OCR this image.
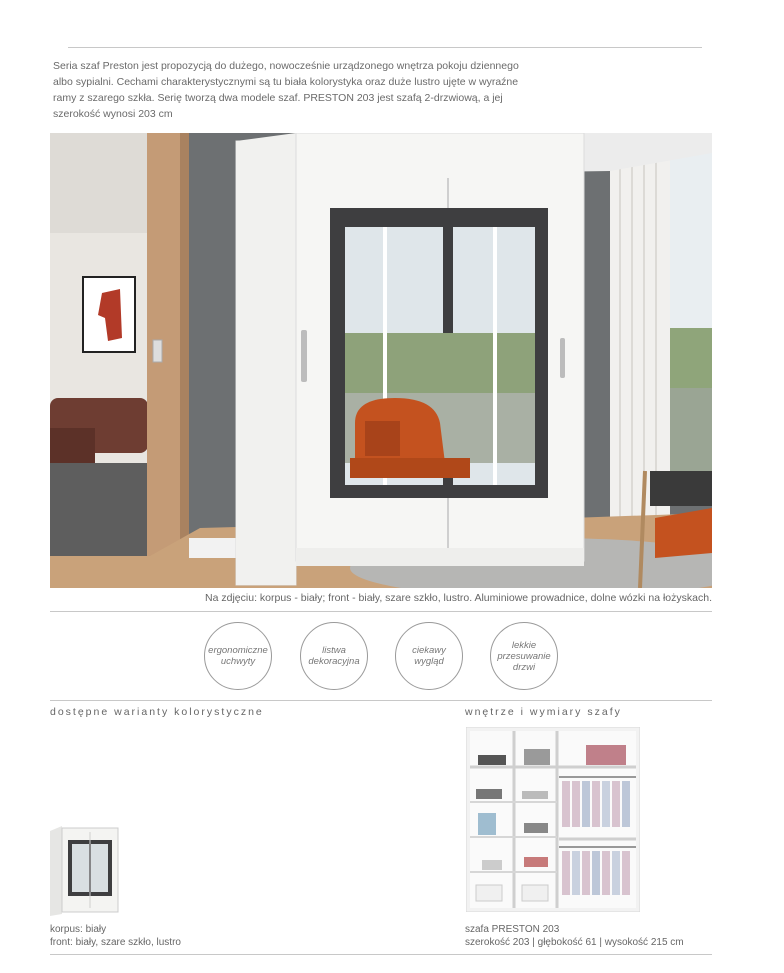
Seria szaf Preston jest propozycją do dużego, nowocześnie urządzonego wnętrza pokoju dziennego
albo sypialni. Cechami charakterystycznymi są tu biała kolorystyka oraz duże lustro ujęte w wyraźne
ramy z szarego szkła. Serię tworzą dwa modele szaf. PRESTON 203 jest szafą 2-drzwiową, a jej
szerokość wynosi 203 cm
Na zdjęciu: korpus - biały; front - biały, szare szkło, lustro. Aluminiowe prowadnice, dolne wózki na łożyskach.
ergonomiczne
uchwyty
listwa
dekoracyjna
ciekawy
wygląd
lekkie
przesuwanie
drzwi
dostępne warianty kolorystyczne	wnętrze i wymiary szafy
korpus: biały
front: biały, szare szkło, lustro
szafa PRESTON 203
szerokość 203 | głębokość 61 | wysokość 215 cm
